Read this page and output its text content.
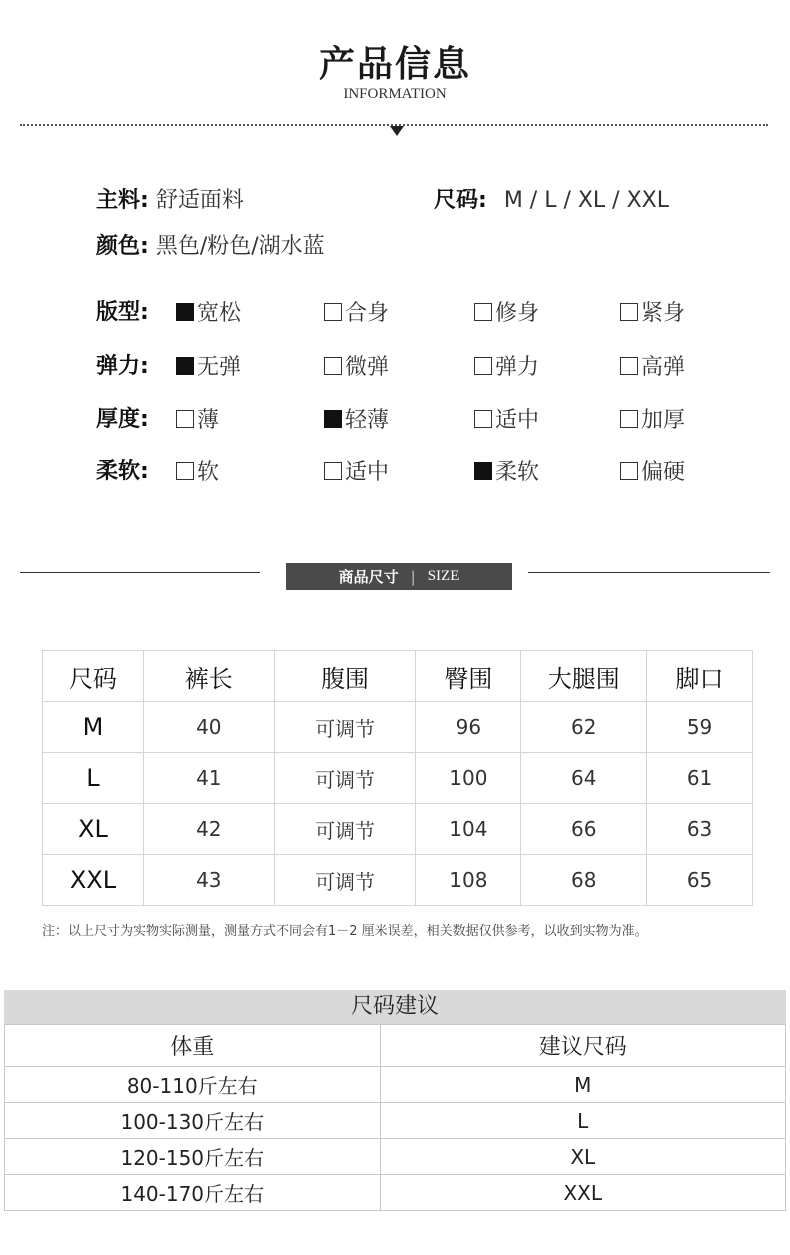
产品信息
INFORMATION
主料: 舒适面料	尺码: M / L / XL / XXL
颜色: 黑色/粉色/湖水蓝
版型: 宽松	合身	修身	紧身
弹力: 无弹	微弹	弹力	高弹
厚度: 薄	轻薄	适中	加厚
柔软: 软	适中	柔软	偏硬
商品尺寸 | SIZE
尺码	裤长	腹围	臀围	大腿围	脚口
M	40	可调节	96	62	59
L	41	可调节	100	64	61
XL	42	可调节	104	66	63
XXL	43	可调节	108	68	65
注：以上尺寸为实物实际测量，测量方式不同会有1－2 厘米误差，相关数据仅供参考，以收到实物为准。
尺码建议
体重	建议尺码
80-110斤左右	M
100-130斤左右	L
120-150斤左右	XL
140-170斤左右	XXL
